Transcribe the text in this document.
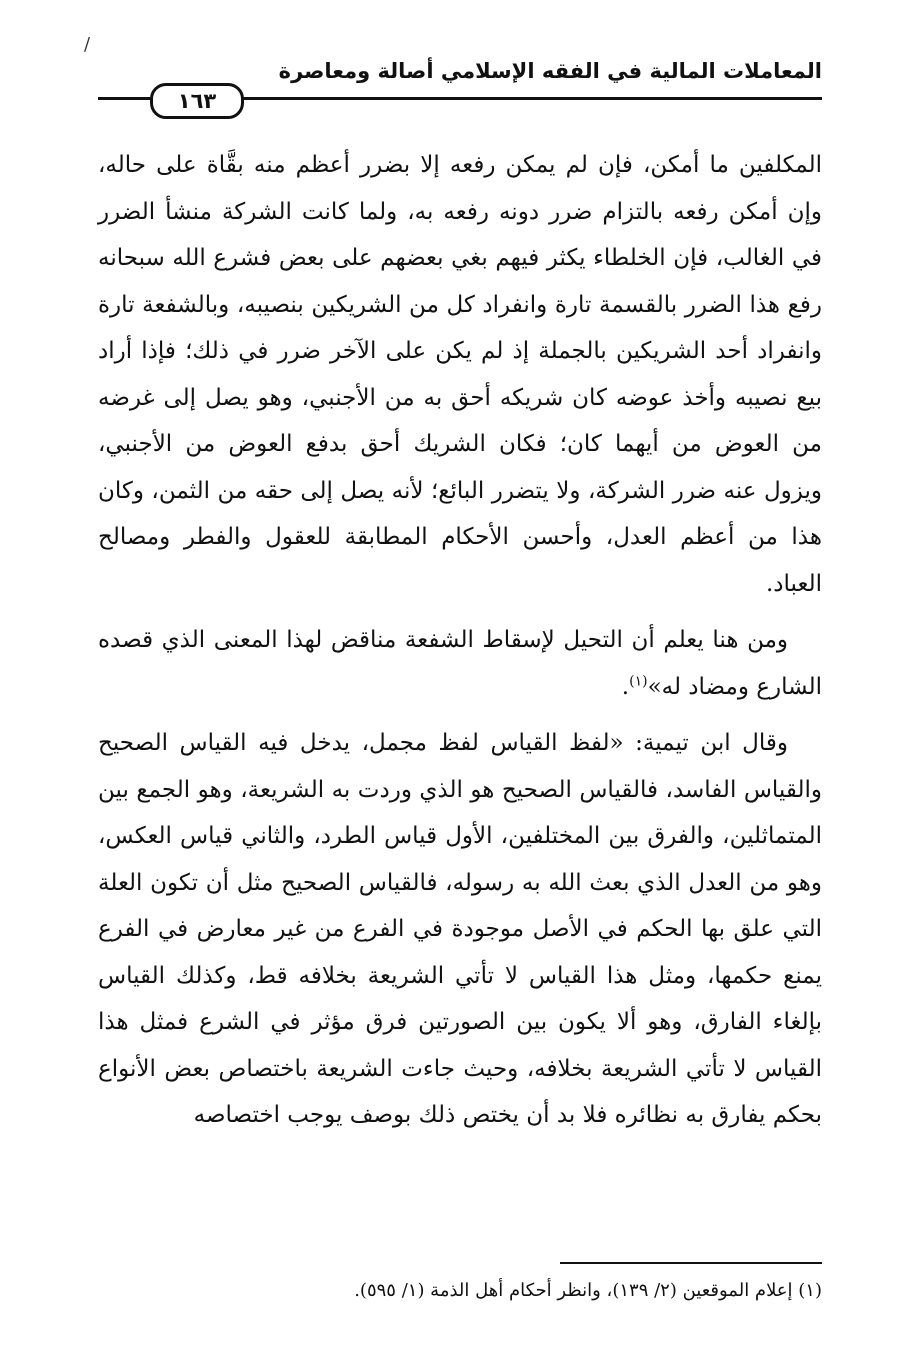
/
المعاملات المالية في الفقه الإسلامي أصالة ومعاصرة
١٦٣

المكلفين ما أمكن، فإن لم يمكن رفعه إلا بضرر أعظم منه بقَّاة على حاله، وإن أمكن رفعه بالتزام ضرر دونه رفعه به، ولما كانت الشركة منشأ الضرر في الغالب، فإن الخلطاء يكثر فيهم بغي بعضهم على بعض فشرع الله سبحانه رفع هذا الضرر بالقسمة تارة وانفراد كل من الشريكين بنصيبه، وبالشفعة تارة وانفراد أحد الشريكين بالجملة إذ لم يكن على الآخر ضرر في ذلك؛ فإذا أراد بيع نصيبه وأخذ عوضه كان شريكه أحق به من الأجنبي، وهو يصل إلى غرضه من العوض من أيهما كان؛ فكان الشريك أحق بدفع العوض من الأجنبي، ويزول عنه ضرر الشركة، ولا يتضرر البائع؛ لأنه يصل إلى حقه من الثمن، وكان هذا من أعظم العدل، وأحسن الأحكام المطابقة للعقول والفطر ومصالح العباد.

ومن هنا يعلم أن التحيل لإسقاط الشفعة مناقض لهذا المعنى الذي قصده الشارع ومضاد له»$^{(١)}$.

وقال ابن تيمية: «لفظ القياس لفظ مجمل، يدخل فيه القياس الصحيح والقياس الفاسد، فالقياس الصحيح هو الذي وردت به الشريعة، وهو الجمع بين المتماثلين، والفرق بين المختلفين، الأول قياس الطرد، والثاني قياس العكس، وهو من العدل الذي بعث الله به رسوله، فالقياس الصحيح مثل أن تكون العلة التي علق بها الحكم في الأصل موجودة في الفرع من غير معارض في الفرع يمنع حكمها، ومثل هذا القياس لا تأتي الشريعة بخلافه قط، وكذلك القياس بإلغاء الفارق، وهو ألا يكون بين الصورتين فرق مؤثر في الشرع فمثل هذا القياس لا تأتي الشريعة بخلافه، وحيث جاءت الشريعة باختصاص بعض الأنواع بحكم يفارق به نظائره فلا بد أن يختص ذلك بوصف يوجب اختصاصه

(١) إعلام الموقعين (٢/ ١٣٩)، وانظر أحكام أهل الذمة (١/ ٥٩٥).
